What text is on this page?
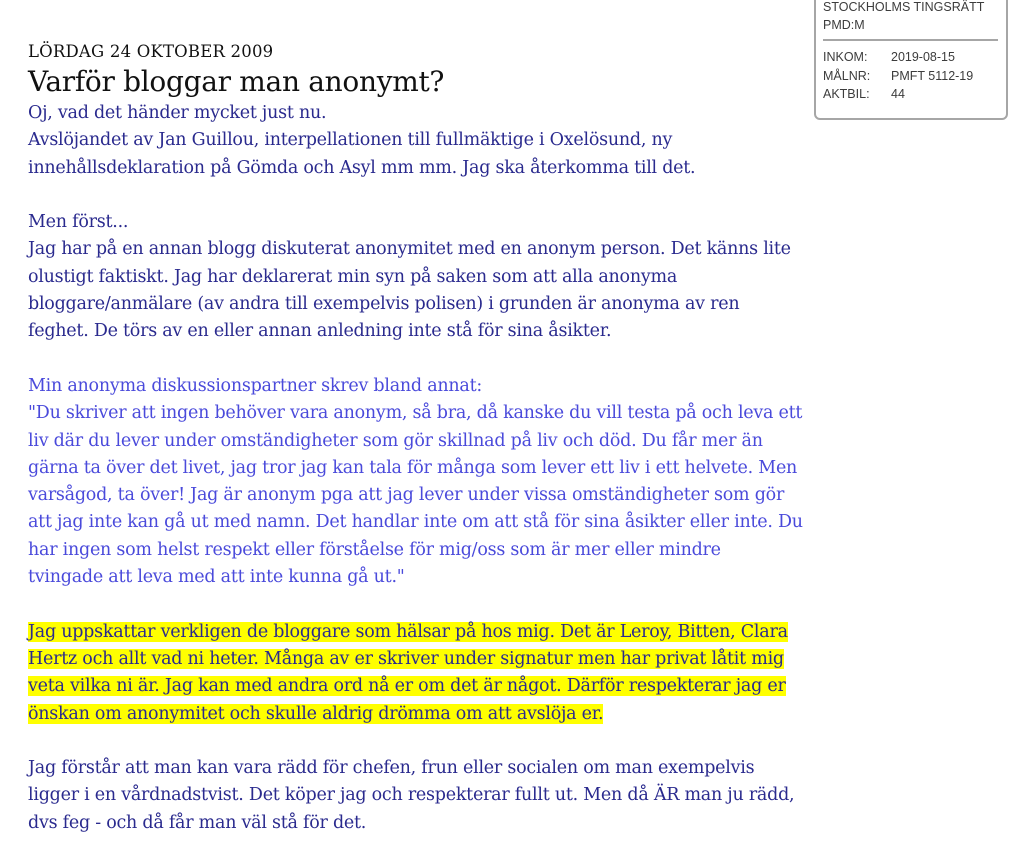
STOCKHOLMS TINGSRÄTT
PMD:M
INKOM:	2019-08-15
MÅLNR:	PMFT 5112-19
AKTBIL:	44
LÖRDAG 24 OKTOBER 2009
Varför bloggar man anonymt?
Oj, vad det händer mycket just nu.
Avslöjandet av Jan Guillou, interpellationen till fullmäktige i Oxelösund, ny
innehållsdeklaration på Gömda och Asyl mm mm. Jag ska återkomma till det.
Men först...
Jag har på en annan blogg diskuterat anonymitet med en anonym person. Det känns lite
olustigt faktiskt. Jag har deklarerat min syn på saken som att alla anonyma
bloggare/anmälare (av andra till exempelvis polisen) i grunden är anonyma av ren
feghet. De törs av en eller annan anledning inte stå för sina åsikter.
Min anonyma diskussionspartner skrev bland annat:
"Du skriver att ingen behöver vara anonym, så bra, då kanske du vill testa på och leva ett
liv där du lever under omständigheter som gör skillnad på liv och död. Du får mer än
gärna ta över det livet, jag tror jag kan tala för många som lever ett liv i ett helvete. Men
varsågod, ta över! Jag är anonym pga att jag lever under vissa omständigheter som gör
att jag inte kan gå ut med namn. Det handlar inte om att stå för sina åsikter eller inte. Du
har ingen som helst respekt eller förståelse för mig/oss som är mer eller mindre
tvingade att leva med att inte kunna gå ut."
Jag uppskattar verkligen de bloggare som hälsar på hos mig. Det är Leroy, Bitten, Clara
Hertz och allt vad ni heter. Många av er skriver under signatur men har privat låtit mig
veta vilka ni är. Jag kan med andra ord nå er om det är något. Därför respekterar jag er
önskan om anonymitet och skulle aldrig drömma om att avslöja er.
Jag förstår att man kan vara rädd för chefen, frun eller socialen om man exempelvis
ligger i en vårdnadstvist. Det köper jag och respekterar fullt ut. Men då ÄR man ju rädd,
dvs feg - och då får man väl stå för det.
